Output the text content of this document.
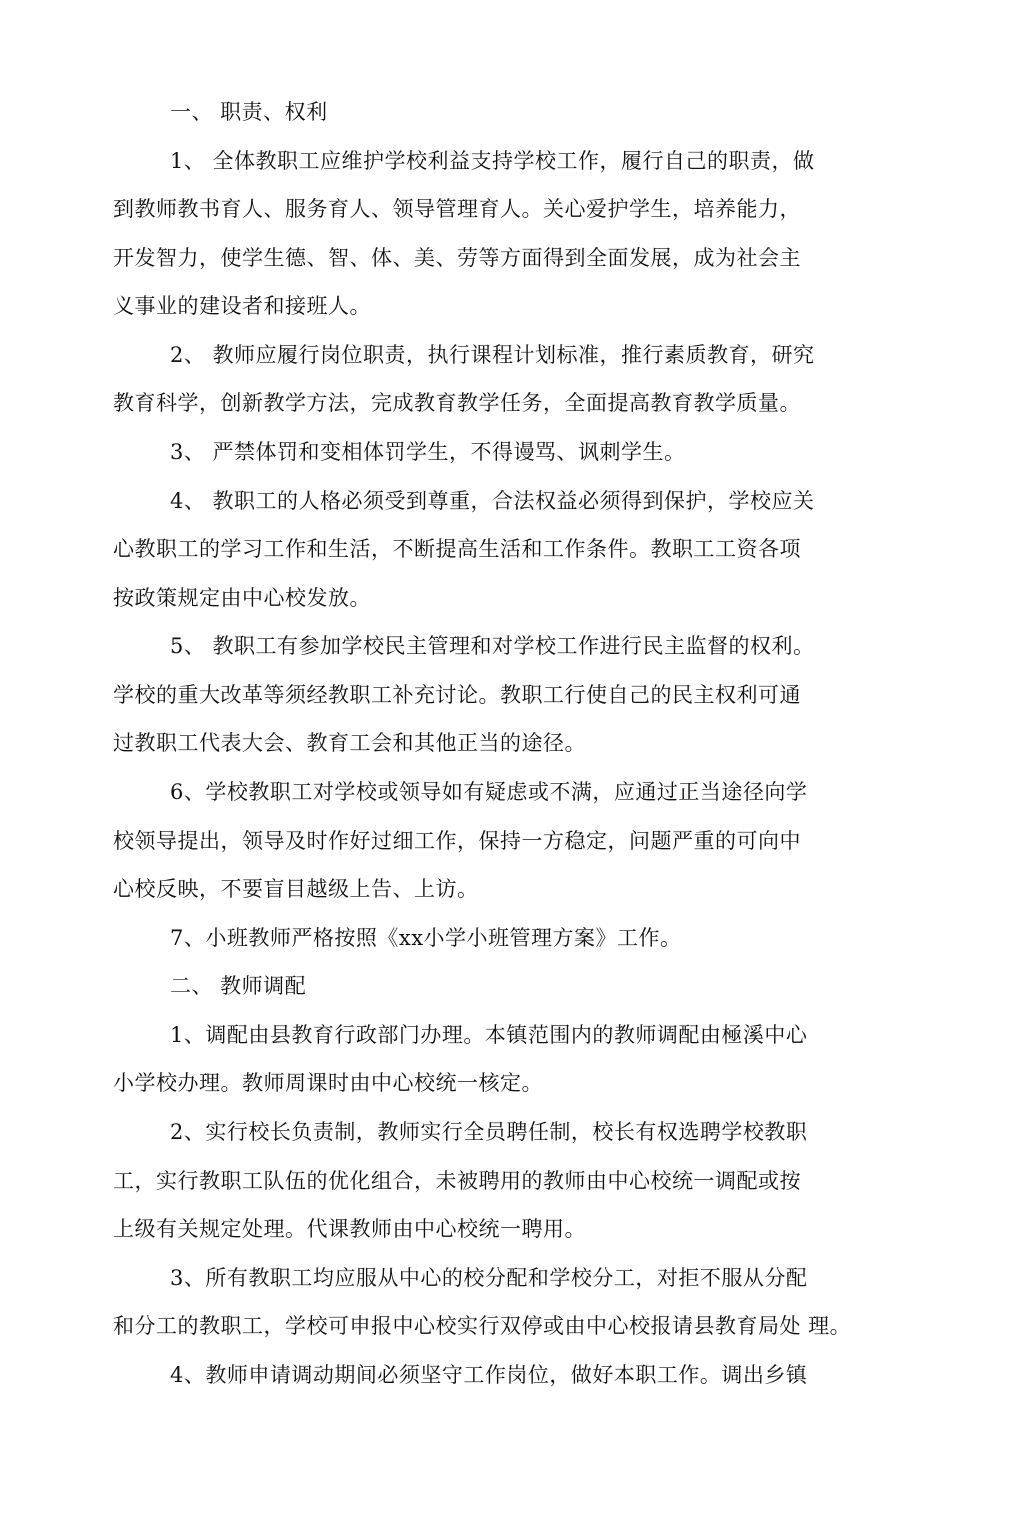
一、 职责、权利
1、 全体教职工应维护学校利益支持学校工作，履行自己的职责，做
到教师教书育人、服务育人、领导管理育人。关心爱护学生，培养能力，
开发智力，使学生德、智、体、美、劳等方面得到全面发展，成为社会主
义事业的建设者和接班人。
2、 教师应履行岗位职责，执行课程计划标准，推行素质教育，研究
教育科学，创新教学方法，完成教育教学任务，全面提高教育教学质量。
3、 严禁体罚和变相体罚学生，不得谩骂、讽刺学生。
4、 教职工的人格必须受到尊重，合法权益必须得到保护，学校应关
心教职工的学习工作和生活，不断提高生活和工作条件。教职工工资各项
按政策规定由中心校发放。
5、 教职工有参加学校民主管理和对学校工作进行民主监督的权利。
学校的重大改革等须经教职工补充讨论。教职工行使自己的民主权利可通
过教职工代表大会、教育工会和其他正当的途径。
6、学校教职工对学校或领导如有疑虑或不满，应通过正当途径向学
校领导提出，领导及时作好过细工作，保持一方稳定，问题严重的可向中
心校反映，不要盲目越级上告、上访。
7、小班教师严格按照《xx小学小班管理方案》工作。
二、 教师调配
1、调配由县教育行政部门办理。本镇范围内的教师调配由極溪中心
小学校办理。教师周课时由中心校统一核定。
2、实行校长负责制，教师实行全员聘任制，校长有权选聘学校教职
工，实行教职工队伍的优化组合，未被聘用的教师由中心校统一调配或按
上级有关规定处理。代课教师由中心校统一聘用。
3、所有教职工均应服从中心的校分配和学校分工，对拒不服从分配
和分工的教职工，学校可申报中心校实行双停或由中心校报请县教育局处 理。
4、教师申请调动期间必须坚守工作岗位，做好本职工作。调出乡镇
